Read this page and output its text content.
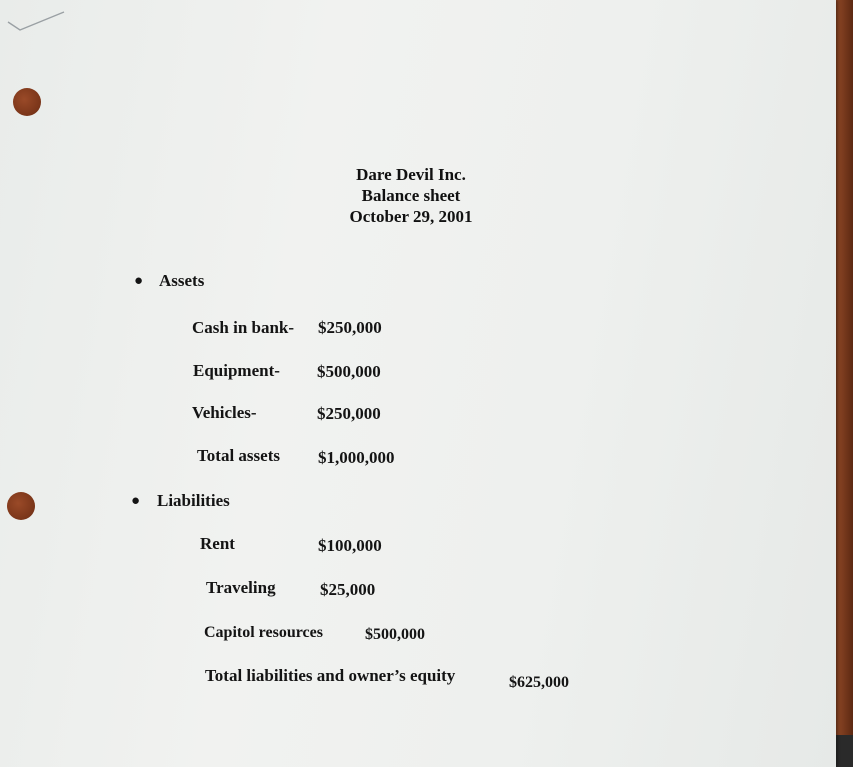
Dare Devil Inc.
Balance sheet
October 29, 2001
● Assets
Cash in bank- $250,000
Equipment- $500,000
Vehicles-	$250,000
Total assets $1,000,000
● Liabilities
Rent	$100,000
Traveling	$25,000
Capitol resources	$500,000
Total liabilities and owner’s equity	$625,000
